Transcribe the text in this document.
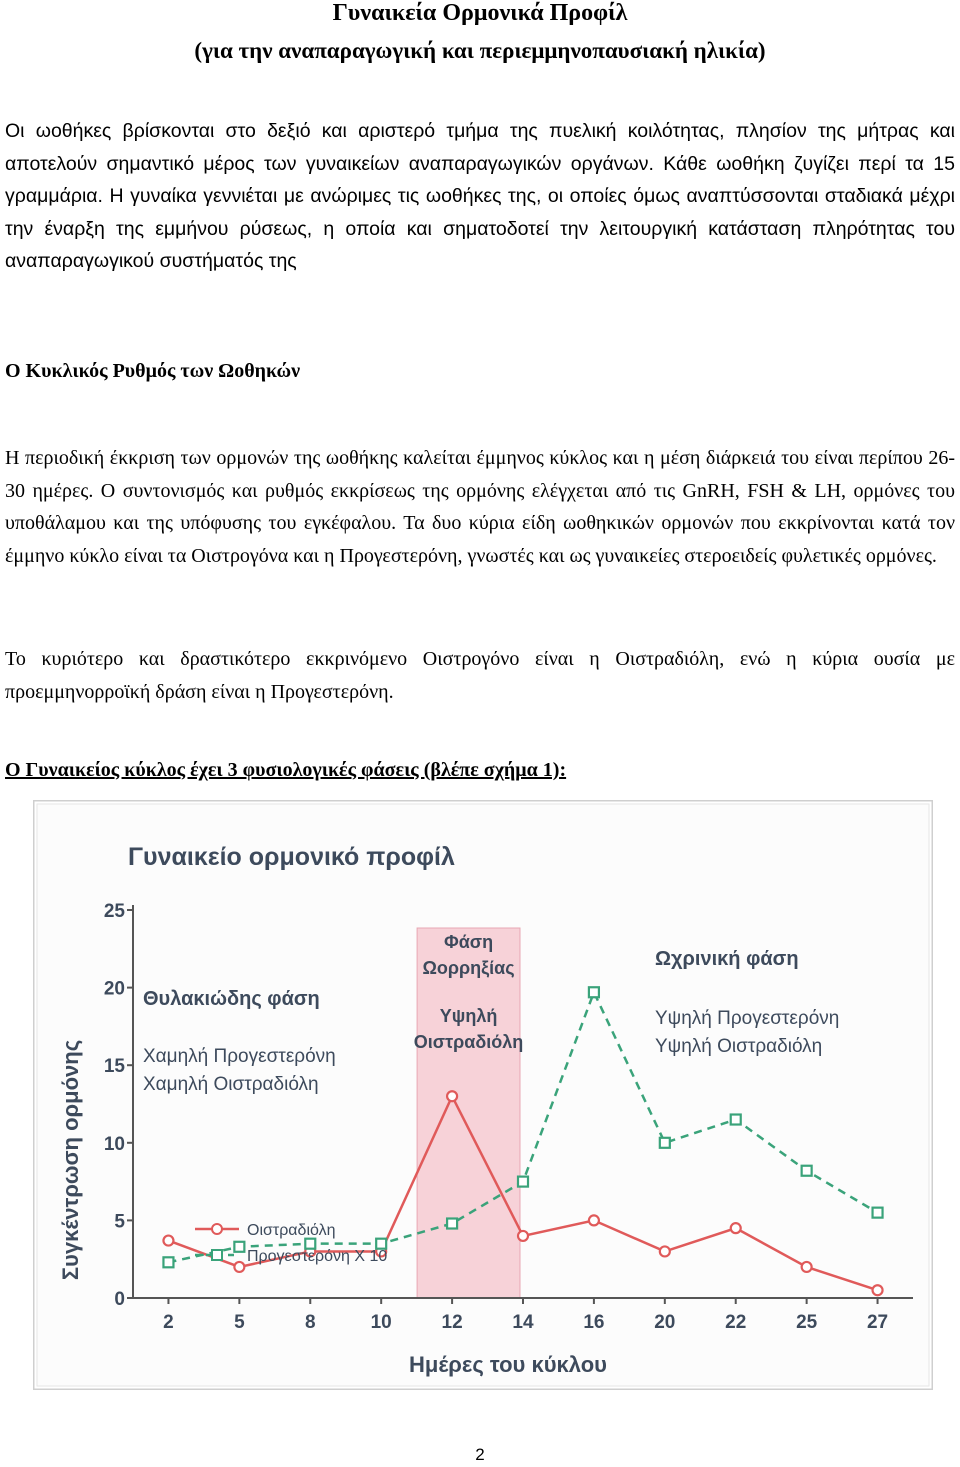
Γυναικεία Ορμονικά Προφίλ
(για την αναπαραγωγική και περιεμμηνοπαυσιακή ηλικία)
Οι ωοθήκες βρίσκονται στο δεξιό και αριστερό τμήμα της πυελική κοιλότητας, πλησίον της μήτρας και αποτελούν σημαντικό μέρος των γυναικείων αναπαραγωγικών οργάνων. Κάθε ωοθήκη ζυγίζει περί τα 15 γραμμάρια. Η γυναίκα γεννιέται με ανώριμες τις ωοθήκες της, οι οποίες όμως αναπτύσσονται σταδιακά μέχρι την έναρξη της εμμήνου ρύσεως, η οποία και σηματοδοτεί την λειτουργική κατάσταση πληρότητας του αναπαραγωγικού συστήματός της
Ο Κυκλικός Ρυθμός των Ωοθηκών
Η περιοδική έκκριση των ορμονών της ωοθήκης καλείται έμμηνος κύκλος και η μέση διάρκειά του είναι περίπου 26-30 ημέρες. Ο συντονισμός και ρυθμός εκκρίσεως της ορμόνης ελέγχεται από τις GnRH, FSH & LH, ορμόνες του υποθάλαμου και της υπόφυσης του εγκέφαλου. Τα δυο κύρια είδη ωοθηκικών ορμονών που εκκρίνονται κατά τον έμμηνο κύκλο είναι τα Οιστρογόνα και η Προγεστερόνη, γνωστές και ως γυναικείες στεροειδείς φυλετικές ορμόνες.
Το κυριότερο και δραστικότερο εκκρινόμενο Οιστρογόνο είναι η Οιστραδιόλη, ενώ η κύρια ουσία με προεμμηνορροϊκή δράση είναι η Προγεστερόνη.
Ο Γυναικείος κύκλος έχει 3 φυσιολογικές φάσεις (βλέπε σχήμα 1):
Γυναικείο ορμονικό προφίλ
0
5
10
15
20
25
2	5	8	10	12	14	16	20	22	25	27
Θυλακιώδης φάση
Χαμηλή Προγεστερόνη
Χαμηλή Οιστραδιόλη
Φάση
Ωορρηξίας
Υψηλή
Οιστραδιόλη
Ωχρινική φάση
Υψηλή Προγεστερόνη
Υψηλή Οιστραδιόλη
Οιστραδιόλη
Προγεστερόνη Χ 10
Συγκέντρωση ορμόνης
Ημέρες του κύκλου
2
